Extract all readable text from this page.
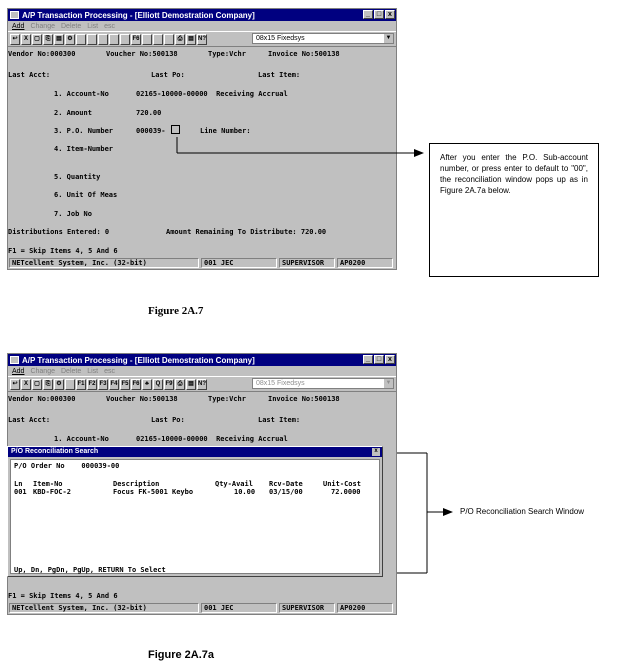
A/P Transaction Processing - [Elliott Demostration Company]	_ □ x
Add Change Delete List esc
↩	X	▢ ⎘ ▤ ⚙	F6	⎙ ▤ N?	08x15 Fixedsys	▼
Vendor No:000300	Voucher No:500138	Type:Vchr	Invoice No:500138
Last Acct:	Last Po:	Last Item:
1. Account-No	02165-10000-00000  Receiving Accrual
2. Amount	720.00
3. P.O. Number	000039-	Line Number:
4. Item-Number
5. Quantity
6. Unit Of Meas
7. Job No
Distributions Entered: 0	Amount Remaining To Distribute: 720.00
F1 = Skip Items 4, 5 And 6
NETcellent System, Inc. (32-bit)	001 JEC	SUPERVISOR	AP0200
After you enter the P.O. Sub-account number, or press enter to default to "00", the reconciliation window pops up as in Figure 2A.7a below.
Figure 2A.7
A/P Transaction Processing - [Elliott Demostration Company]	_ □ x
Add Change Delete List esc
↩	X	▢ ⎘ ⚙	F1 F2 F3 F4 F5 F6 ♣	Q F9 ⎙ ▤ N?	08x15 Fixedsys	▼
Vendor No:000300	Voucher No:500138	Type:Vchr	Invoice No:500138
Last Acct:	Last Po:	Last Item:
1. Account-No	02165-10000-00000  Receiving Accrual
F1 = Skip Items 4, 5 And 6
NETcellent System, Inc. (32-bit)	001 JEC	SUPERVISOR	AP0200
P/O Reconciliation Search	x
P/O Order No    000039-00
Ln Item-No	Description	Qty-Avail Rcv-Date	Unit-Cost
001 KBD-FOC-2	Focus FK-5001 Keybo	10.00 03/15/00	72.0000
Up, Dn, PgDn, PgUp, RETURN To Select
P/O Reconciliation Search Window
Figure 2A.7a
